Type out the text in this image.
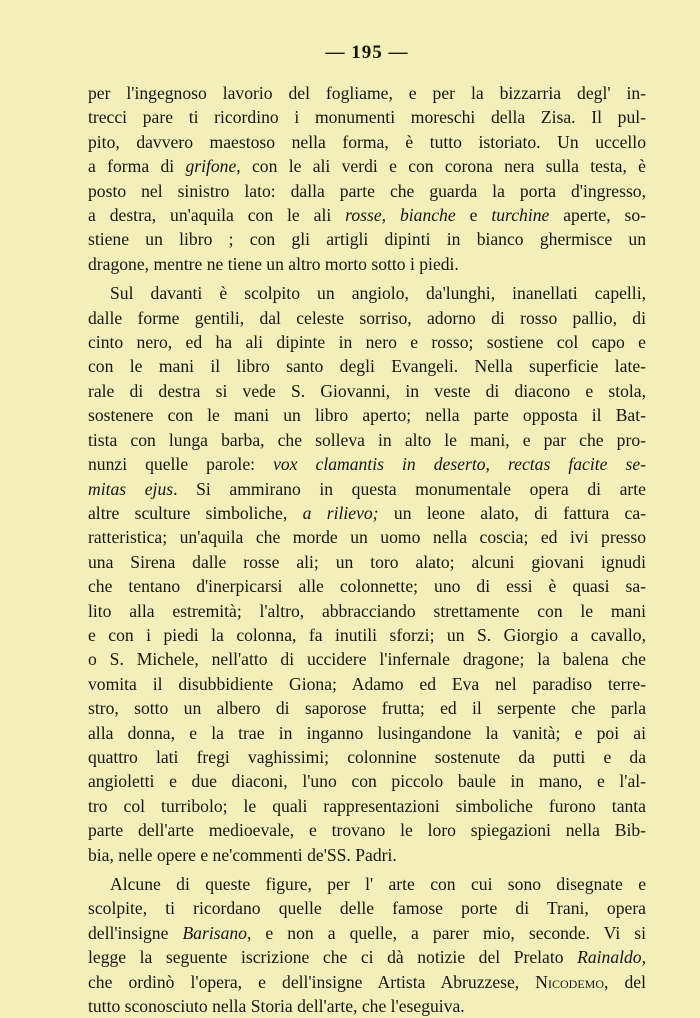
— 195 —

per l'ingegnoso lavorio del fogliame, e per la bizzarria degl' in-
trecci pare ti ricordino i monumenti moreschi della Zisa. Il pul-
pito, davvero maestoso nella forma, è tutto istoriato. Un uccello
a forma di grifone, con le ali verdi e con corona nera sulla testa, è
posto nel sinistro lato: dalla parte che guarda la porta d'ingresso,
a destra, un'aquila con le ali rosse, bianche e turchine aperte, so-
stiene un libro ; con gli artigli dipinti in bianco ghermisce un
dragone, mentre ne tiene un altro morto sotto i piedi.

Sul davanti è scolpito un angiolo, da'lunghi, inanellati capelli,
dalle forme gentili, dal celeste sorriso, adorno di rosso pallio, di
cinto nero, ed ha ali dipinte in nero e rosso; sostiene col capo e
con le mani il libro santo degli Evangeli. Nella superficie late-
rale di destra si vede S. Giovanni, in veste di diacono e stola,
sostenere con le mani un libro aperto; nella parte opposta il Bat-
tista con lunga barba, che solleva in alto le mani, e par che pro-
nunzi quelle parole: vox clamantis in deserto, rectas facite se-
mitas ejus. Si ammirano in questa monumentale opera di arte
altre sculture simboliche, a rilievo; un leone alato, di fattura ca-
ratteristica; un'aquila che morde un uomo nella coscia; ed ivi presso
una Sirena dalle rosse ali; un toro alato; alcuni giovani ignudi
che tentano d'inerpicarsi alle colonnette; uno di essi è quasi sa-
lito alla estremità; l'altro, abbracciando strettamente con le mani
e con i piedi la colonna, fa inutili sforzi; un S. Giorgio a cavallo,
o S. Michele, nell'atto di uccidere l'infernale dragone; la balena che
vomita il disubbidiente Giona; Adamo ed Eva nel paradiso terre-
stro, sotto un albero di saporose frutta; ed il serpente che parla
alla donna, e la trae in inganno lusingandone la vanità; e poi ai
quattro lati fregi vaghissimi; colonnine sostenute da putti e da
angioletti e due diaconi, l'uno con piccolo baule in mano, e l'al-
tro col turribolo; le quali rappresentazioni simboliche furono tanta
parte dell'arte medioevale, e trovano le loro spiegazioni nella Bib-
bia, nelle opere e ne'commenti de'SS. Padri.

Alcune di queste figure, per l' arte con cui sono disegnate e
scolpite, ti ricordano quelle delle famose porte di Trani, opera
dell'insigne Barisano, e non a quelle, a parer mio, seconde. Vi si
legge la seguente iscrizione che ci dà notizie del Prelato Rainaldo,
che ordinò l'opera, e dell'insigne Artista Abruzzese, Nicodemo, del
tutto sconosciuto nella Storia dell'arte, che l'eseguiva.
